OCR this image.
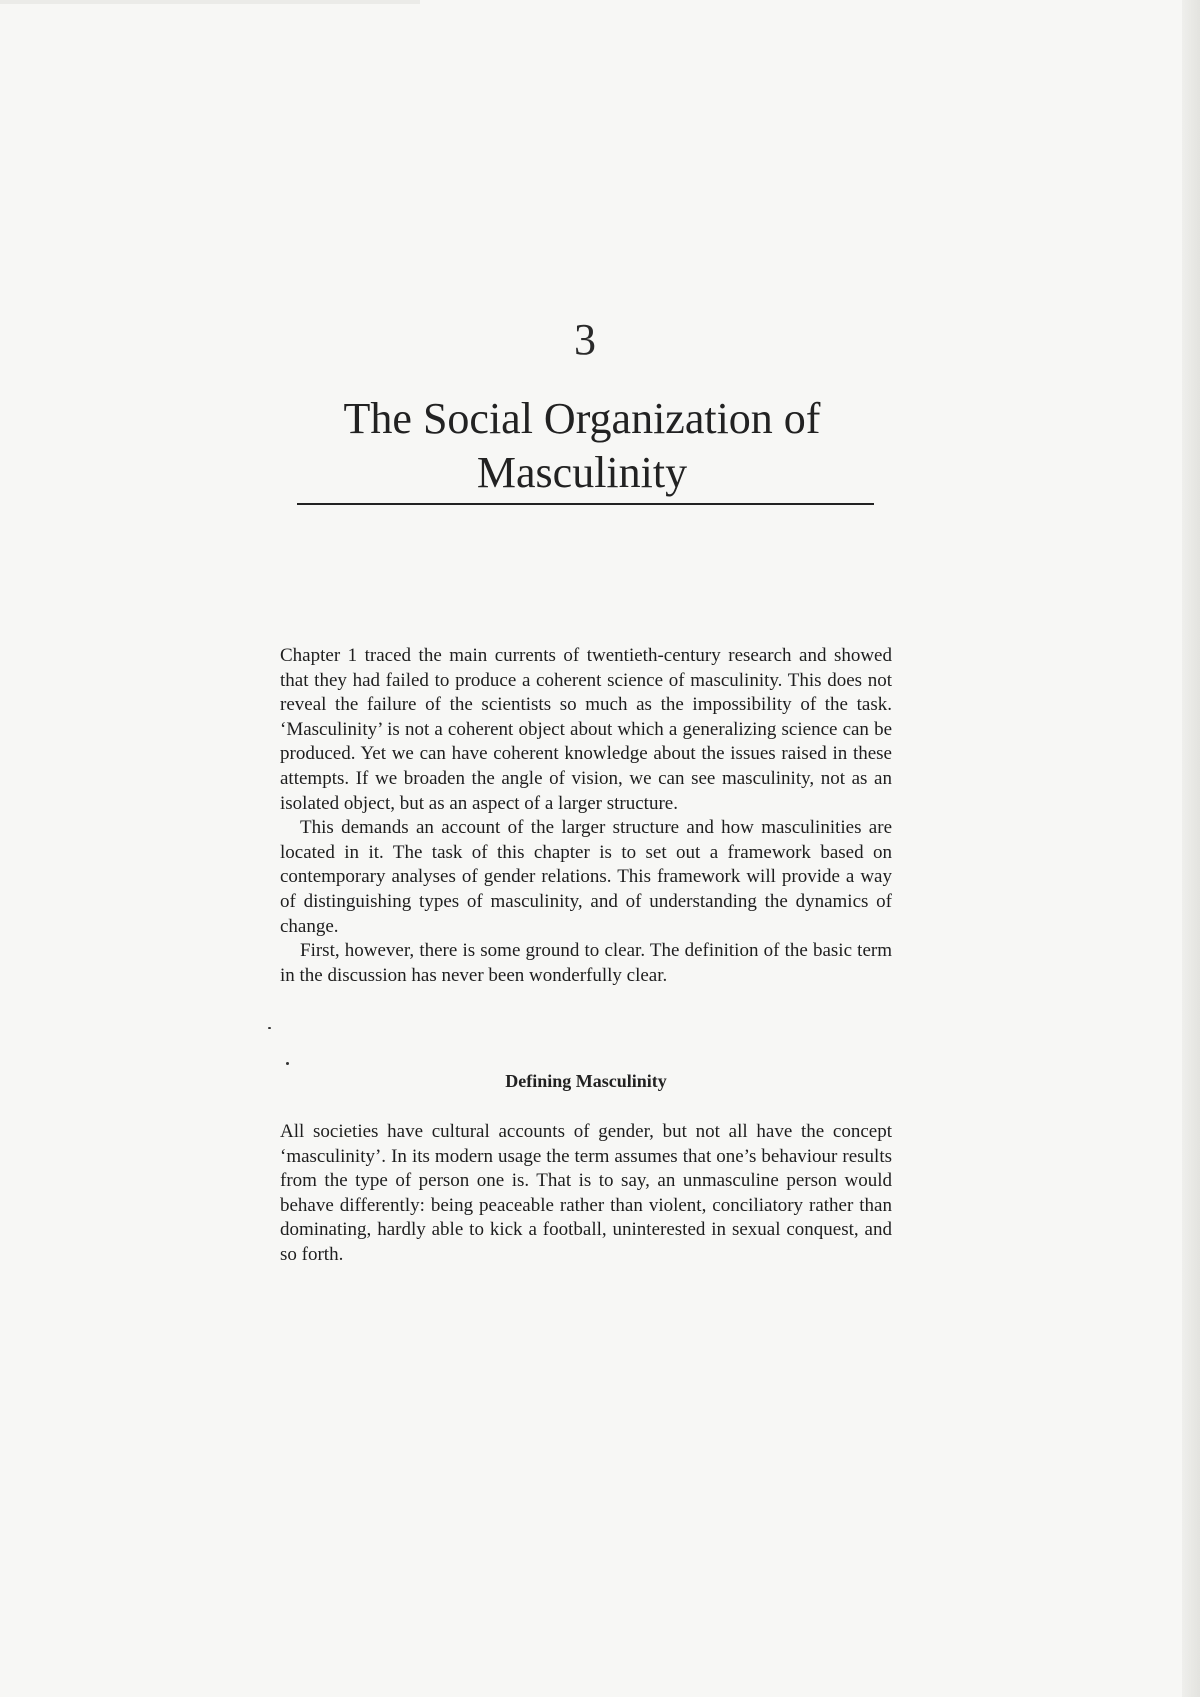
3
The Social Organization of
Masculinity

Chapter 1 traced the main currents of twentieth-century research and showed that they had failed to produce a coherent science of masculinity. This does not reveal the failure of the scientists so much as the impossibility of the task. ‘Masculinity’ is not a coherent object about which a generalizing science can be produced. Yet we can have coherent knowledge about the issues raised in these attempts. If we broaden the angle of vision, we can see masculinity, not as an isolated object, but as an aspect of a larger structure.

This demands an account of the larger structure and how masculinities are located in it. The task of this chapter is to set out a framework based on contemporary analyses of gender relations. This framework will provide a way of distinguishing types of masculinity, and of understanding the dynamics of change.

First, however, there is some ground to clear. The definition of the basic term in the discussion has never been wonderfully clear.

Defining Masculinity

All societies have cultural accounts of gender, but not all have the concept ‘masculinity’. In its modern usage the term assumes that one’s behaviour results from the type of person one is. That is to say, an unmasculine person would behave differently: being peaceable rather than violent, conciliatory rather than dominating, hardly able to kick a football, uninterested in sexual conquest, and so forth.
